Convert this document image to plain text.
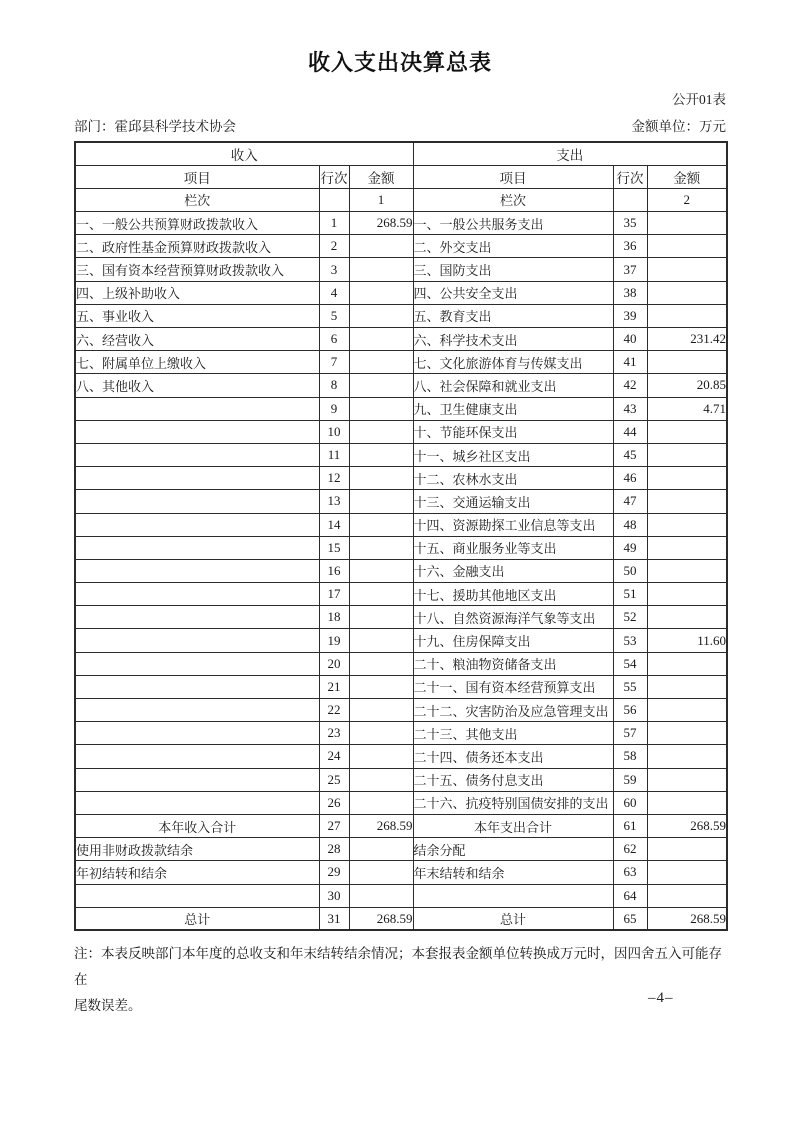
收入支出决算总表
公开01表
部门：霍邱县科学技术协会	金额单位：万元
收入			支出		
项目	行次	金额	项目	行次	金额
栏次		1	栏次		2
一、一般公共预算财政拨款收入	1	268.59	一、一般公共服务支出	35	
二、政府性基金预算财政拨款收入	2		二、外交支出	36	
三、国有资本经营预算财政拨款收入	3		三、国防支出	37	
四、上级补助收入	4		四、公共安全支出	38	
五、事业收入	5		五、教育支出	39	
六、经营收入	6		六、科学技术支出	40	231.42
七、附属单位上缴收入	7		七、文化旅游体育与传媒支出	41	
八、其他收入	8		八、社会保障和就业支出	42	20.85
	9		九、卫生健康支出	43	4.71
	10		十、节能环保支出	44	
	11		十一、城乡社区支出	45	
	12		十二、农林水支出	46	
	13		十三、交通运输支出	47	
	14		十四、资源勘探工业信息等支出	48	
	15		十五、商业服务业等支出	49	
	16		十六、金融支出	50	
	17		十七、援助其他地区支出	51	
	18		十八、自然资源海洋气象等支出	52	
	19		十九、住房保障支出	53	11.60
	20		二十、粮油物资储备支出	54	
	21		二十一、国有资本经营预算支出	55	
	22		二十二、灾害防治及应急管理支出	56	
	23		二十三、其他支出	57	
	24		二十四、债务还本支出	58	
	25		二十五、债务付息支出	59	
	26		二十六、抗疫特别国债安排的支出	60	
本年收入合计	27	268.59	本年支出合计	61	268.59
使用非财政拨款结余	28		结余分配	62	
年初结转和结余	29		年末结转和结余	63	
	30			64	
总计	31	268.59	总计	65	268.59
注：本表反映部门本年度的总收支和年末结转结余情况；本套报表金额单位转换成万元时，因四舍五入可能存在
尾数误差。	–4–
